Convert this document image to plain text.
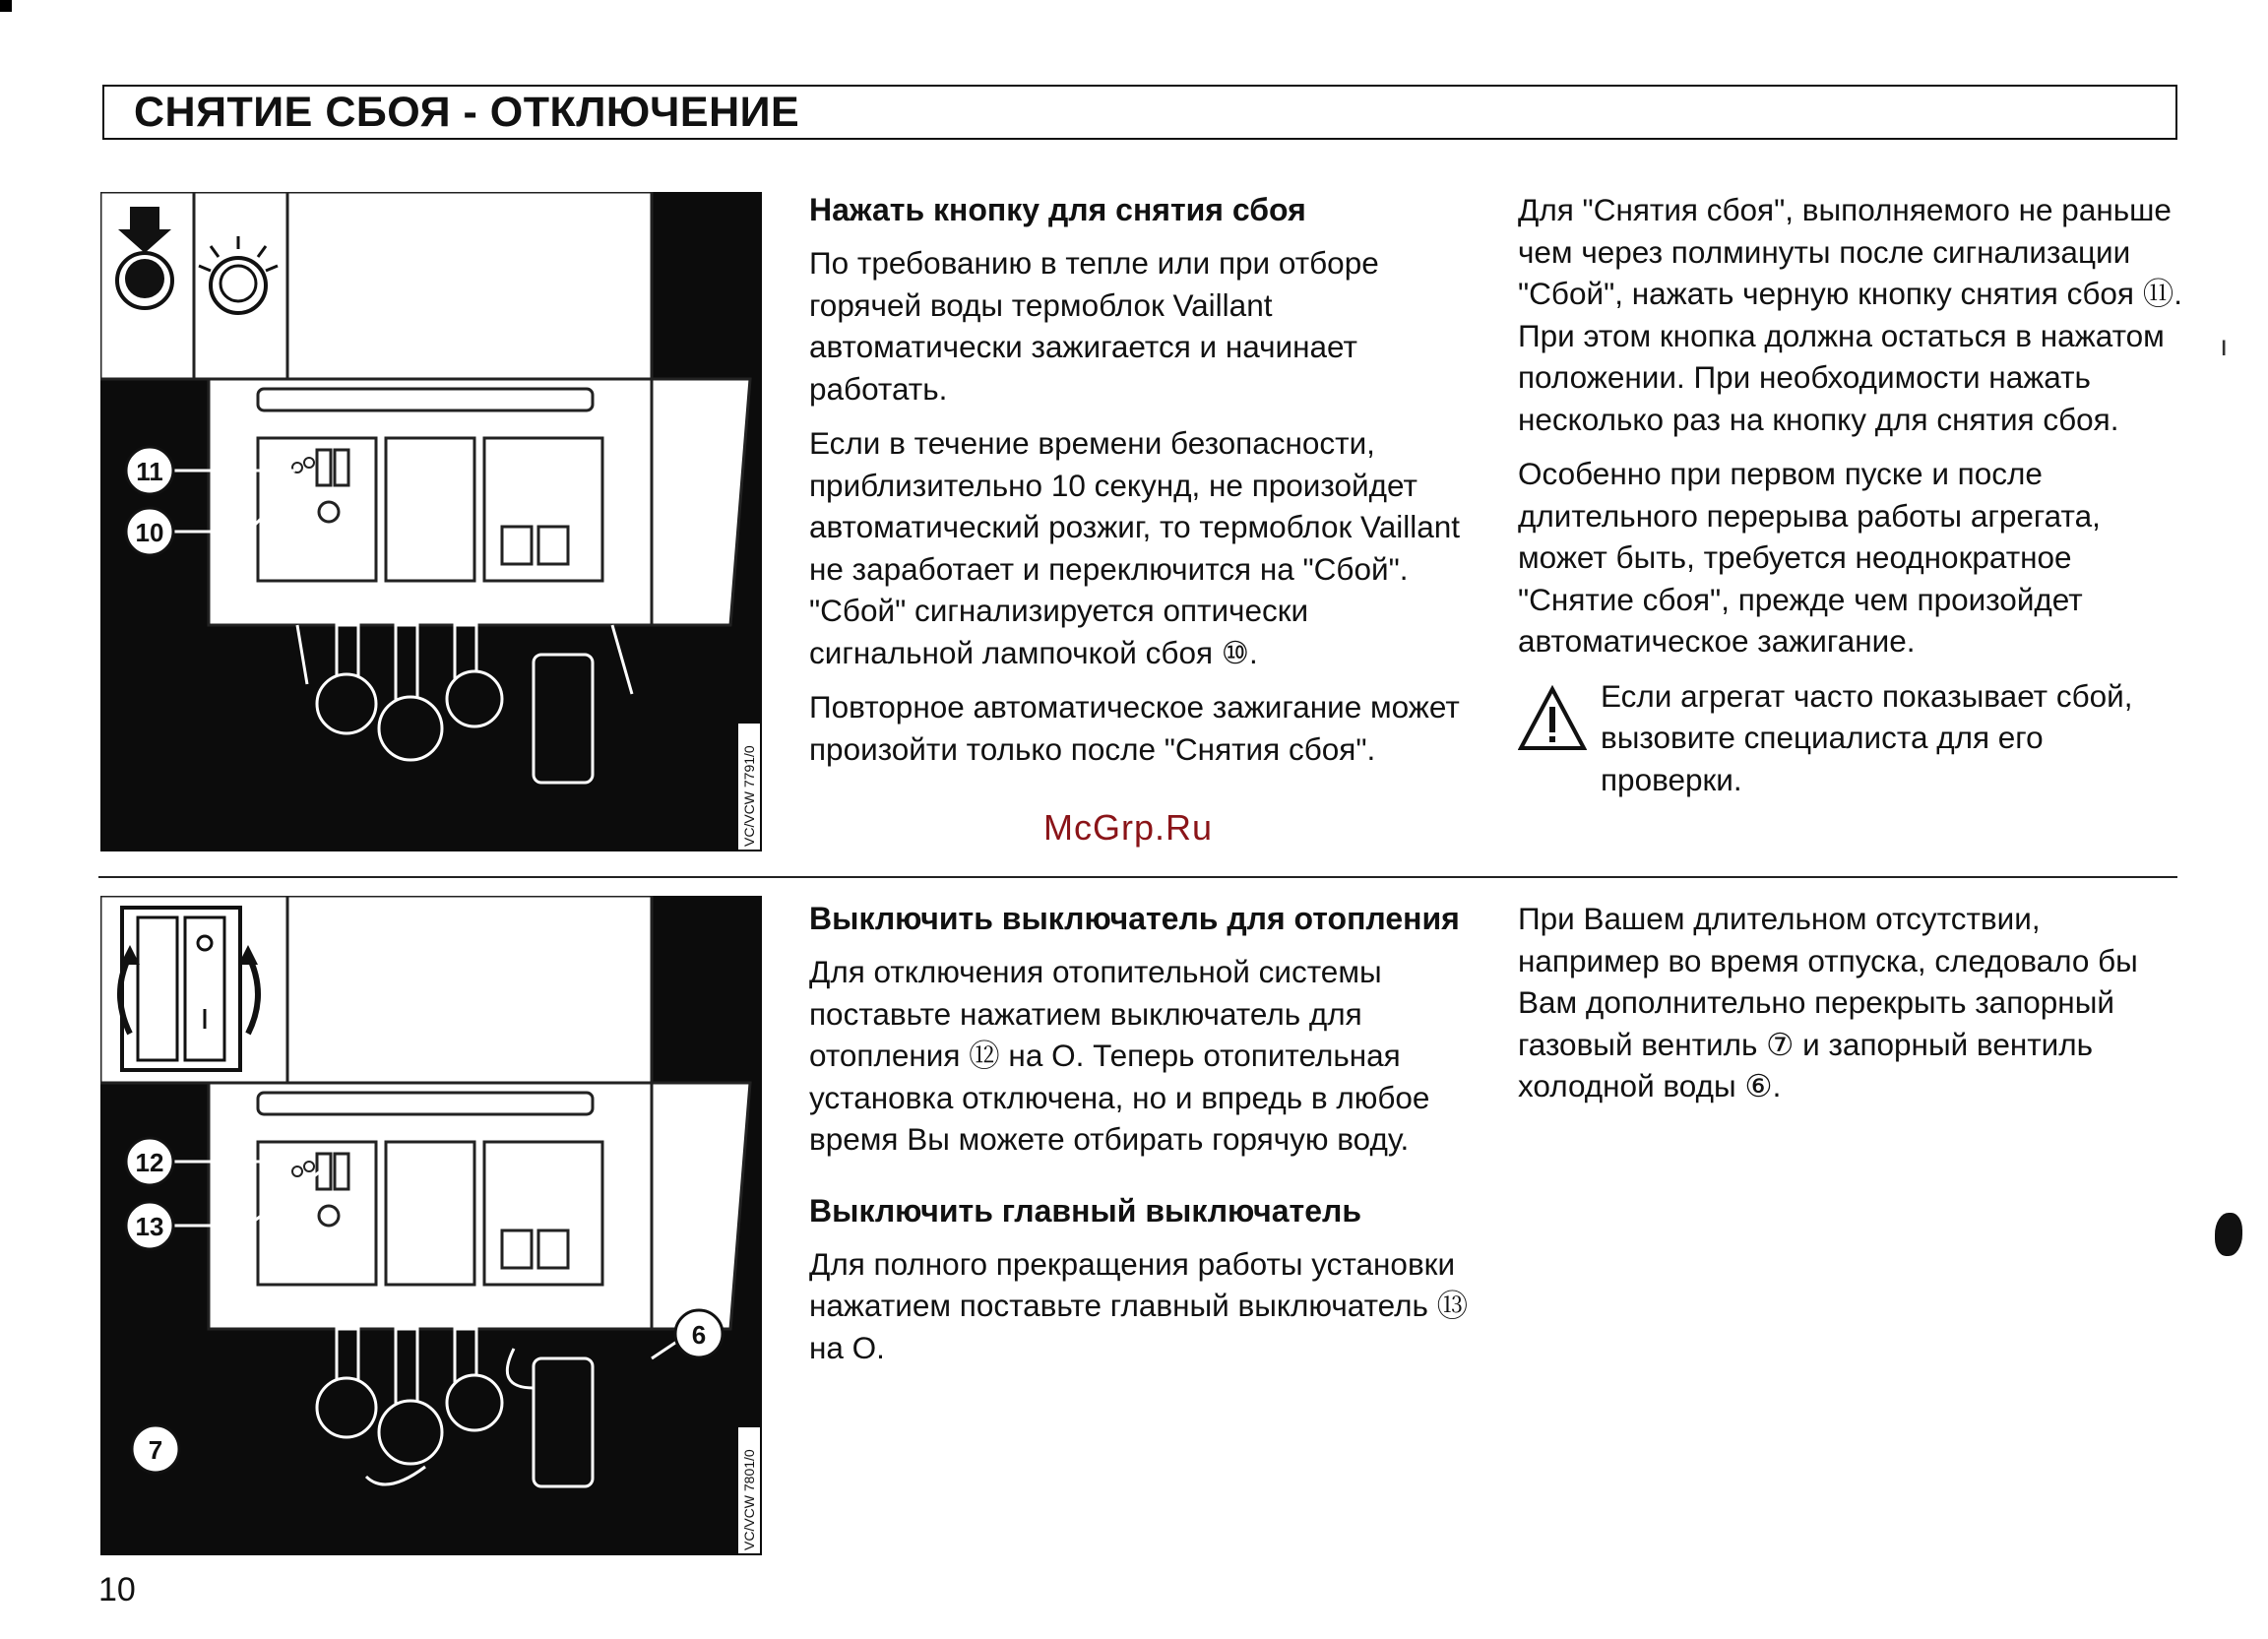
СНЯТИЕ СБОЯ - ОТКЛЮЧЕНИЕ
11
10
VC/VCW 7791/0
Нажать кнопку для снятия сбоя

По требованию в тепле или при отборе горячей воды термоблок Vaillant автоматически зажигается и начинает работать.

Если в течение времени безопасности, приблизительно 10 секунд, не произойдет автоматический розжиг, то термоблок Vaillant не заработает и переключится на "Сбой". "Сбой" сигнализируется оптически сигнальной лампочкой сбоя ⑩.

Повторное автоматическое зажигание может произойти только после "Снятия сбоя".

Для "Снятия сбоя", выполняемого не раньше чем через полминуты после сигнализации "Сбой", нажать черную кнопку снятия сбоя ⑪. При этом кнопка должна остаться в нажатом положении. При необходимости нажать несколько раз на кнопку для снятия сбоя.

Особенно при первом пуске и после длительного перерыва работы агрегата, может быть, требуется неоднократное "Снятие сбоя", прежде чем произойдет автоматическое зажигание.

Если агрегат часто показывает сбой, вызовите специалиста для его проверки.

McGrp.Ru
12
13
6
7	VC/VCW 7801/0
Выключить выключатель для отопления

Для отключения отопительной системы поставьте нажатием выключатель для отопления ⑫ на О. Теперь отопительная установка отключена, но и впредь в любое время Вы можете отбирать горячую воду.

Выключить главный выключатель

Для полного прекращения работы установки нажатием поставьте главный выключатель ⑬ на О.

При Вашем длительном отсутствии, например во время отпуска, следовало бы Вам дополнительно перекрыть запорный газовый вентиль ⑦ и запорный вентиль холодной воды ⑥.

10
ı
